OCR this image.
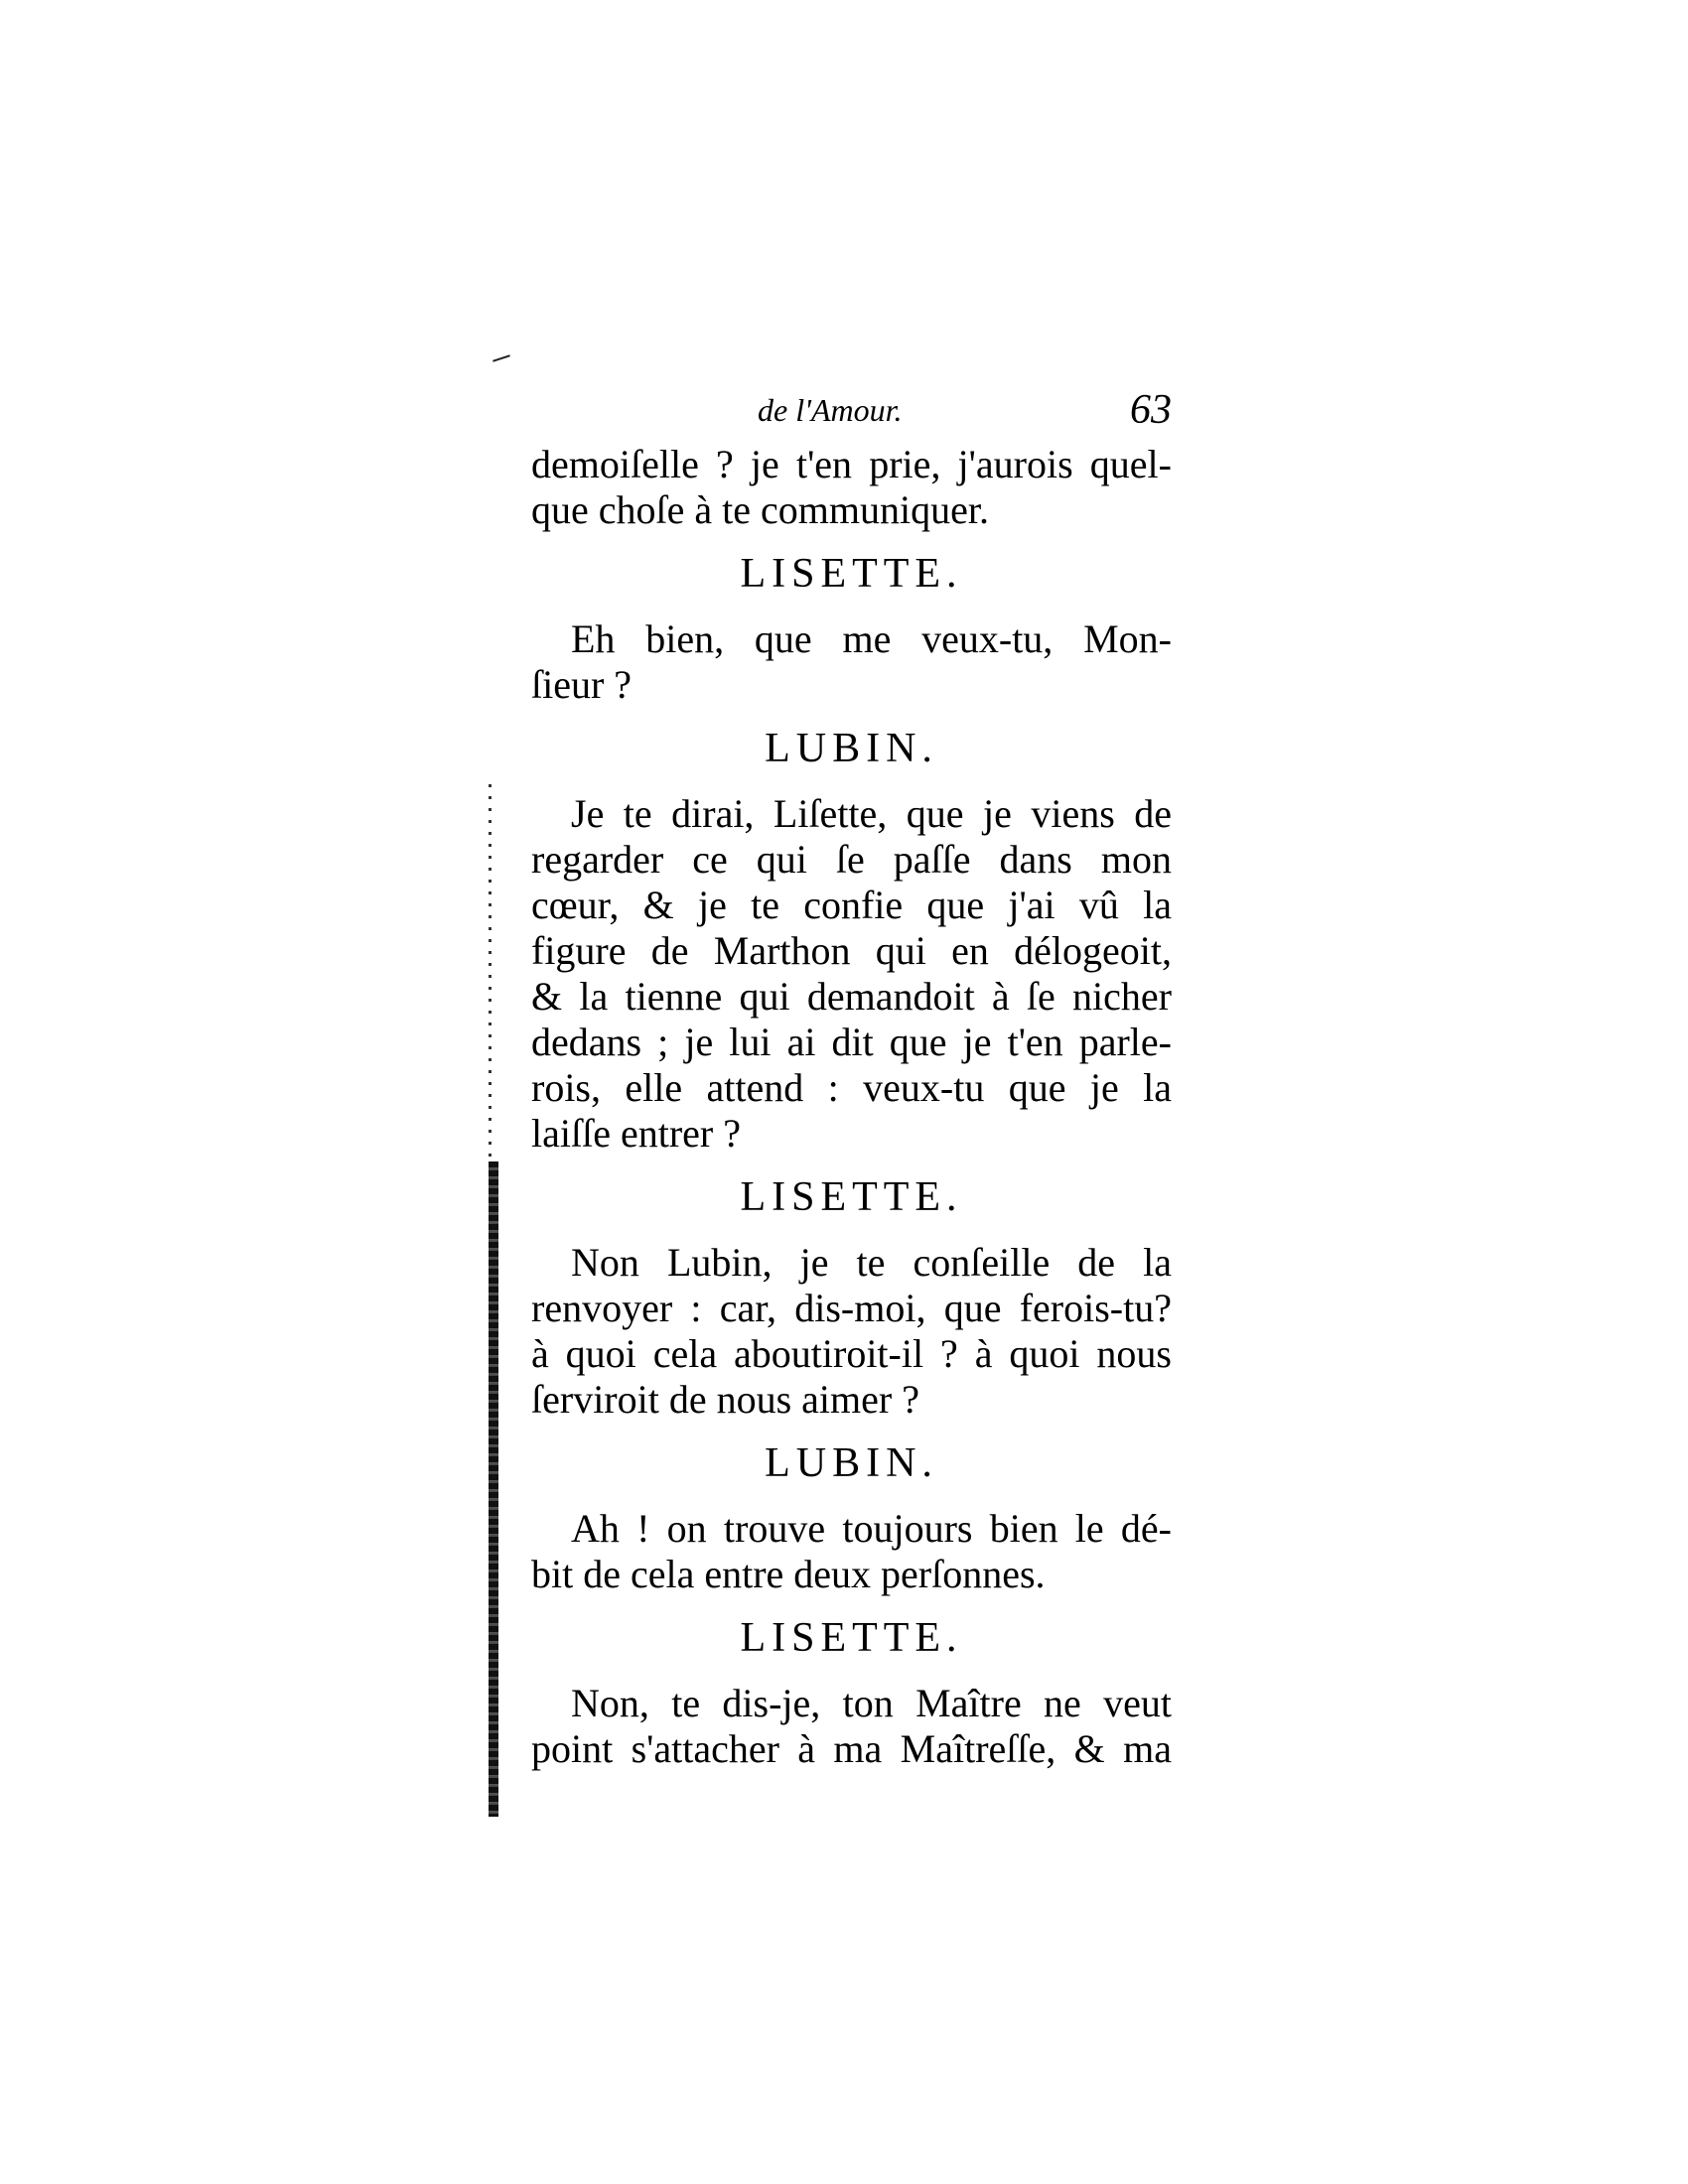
de l'Amour.	63
demoiſelle ? je t'en prie, j'aurois quel-
que choſe à te communiquer.
LISETTE.
Eh bien, que me veux-tu, Mon-
ſieur ?
LUBIN.
Je te dirai, Liſette, que je viens de
regarder ce qui ſe paſſe dans mon
cœur, & je te confie que j'ai vû la
figure de Marthon qui en délogeoit,
& la tienne qui demandoit à ſe nicher
dedans ; je lui ai dit que je t'en parle-
rois, elle attend : veux-tu que je la
laiſſe entrer ?
LISETTE.
Non Lubin, je te conſeille de la
renvoyer : car, dis-moi, que ferois-tu?
à quoi cela aboutiroit-il ? à quoi nous
ſerviroit de nous aimer ?
LUBIN.
Ah ! on trouve toujours bien le dé-
bit de cela entre deux perſonnes.
LISETTE.
Non, te dis-je, ton Maître ne veut
point s'attacher à ma Maîtreſſe, & ma
